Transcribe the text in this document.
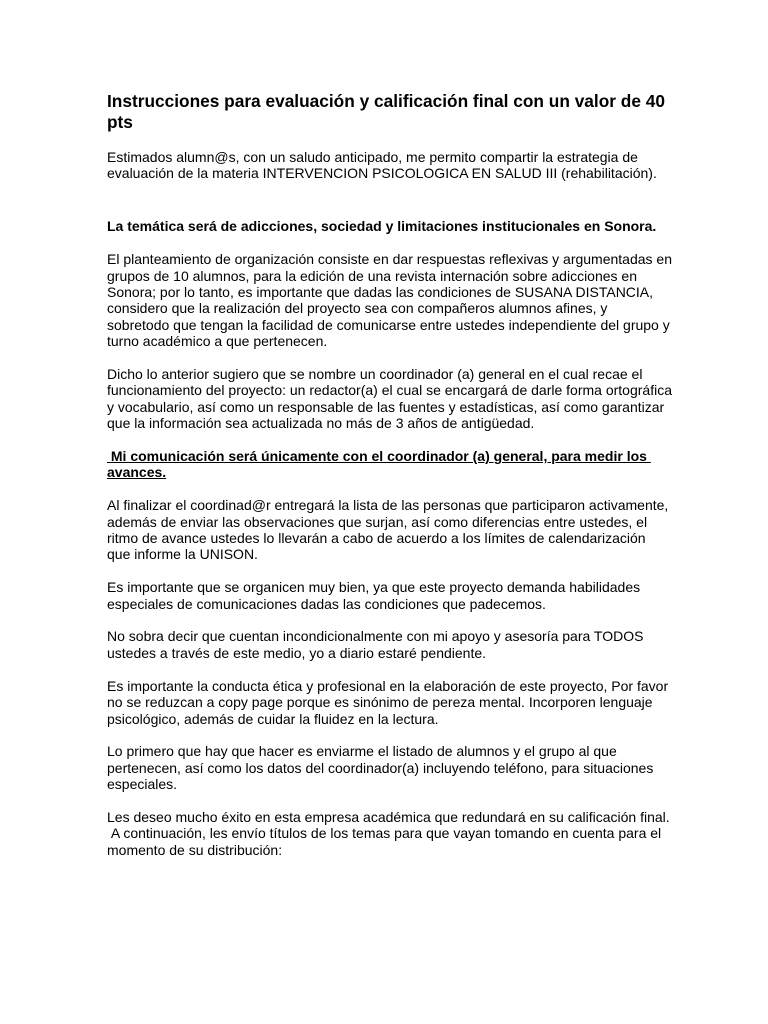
Instrucciones para evaluación y calificación final con un valor de 40 pts

Estimados alumn@s, con un saludo anticipado, me permito compartir la estrategia de evaluación de la materia INTERVENCION PSICOLOGICA EN SALUD III (rehabilitación).

La temática será de adicciones, sociedad y limitaciones institucionales en Sonora.

El planteamiento de organización consiste en dar respuestas reflexivas y argumentadas en grupos de 10 alumnos, para la edición de una revista internación sobre adicciones en Sonora; por lo tanto, es importante que dadas las condiciones de SUSANA DISTANCIA, considero que la realización del proyecto sea con compañeros alumnos afines, y sobretodo que tengan la facilidad de comunicarse entre ustedes independiente del grupo y turno académico a que pertenecen.

Dicho lo anterior sugiero que se nombre un coordinador (a) general en el cual recae el funcionamiento del proyecto: un redactor(a) el cual se encargará de darle forma ortográfica y vocabulario, así como un responsable de las fuentes y estadísticas, así como garantizar que la información sea actualizada no más de 3 años de antigüedad.

Mi comunicación será únicamente con el coordinador (a) general, para medir los avances.

Al finalizar el coordinad@r entregará la lista de las personas que participaron activamente, además de enviar las observaciones que surjan, así como diferencias entre ustedes, el ritmo de avance ustedes lo llevarán a cabo de acuerdo a los límites de calendarización que informe la UNISON.

Es importante que se organicen muy bien, ya que este proyecto demanda habilidades especiales de comunicaciones dadas las condiciones que padecemos.

No sobra decir que cuentan incondicionalmente con mi apoyo y asesoría para TODOS ustedes a través de este medio, yo a diario estaré pendiente.

Es importante la conducta ética y profesional en la elaboración de este proyecto, Por favor no se reduzcan a copy page porque es sinónimo de pereza mental. Incorporen lenguaje psicológico, además de cuidar la fluidez en la lectura.

Lo primero que hay que hacer es enviarme el listado de alumnos y el grupo al que pertenecen, así como los datos del coordinador(a) incluyendo teléfono, para situaciones especiales.

Les deseo mucho éxito en esta empresa académica que redundará en su calificación final.

A continuación, les envío títulos de los temas para que vayan tomando en cuenta para el momento de su distribución:
